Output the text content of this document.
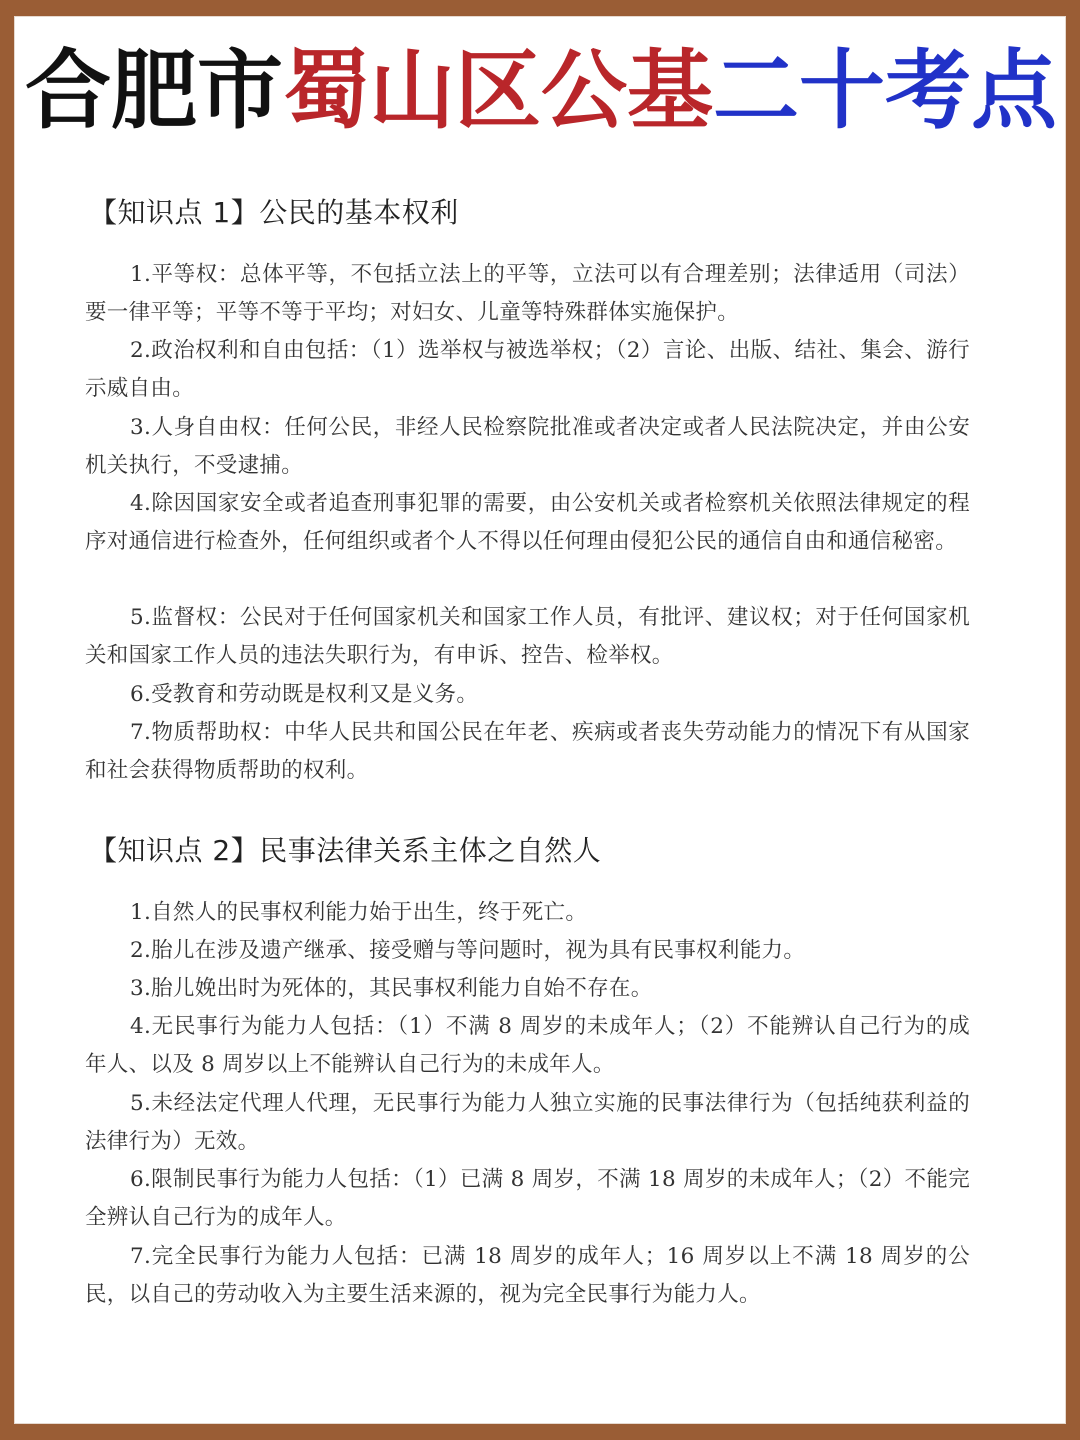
合肥市 蜀山区公基 二十考点
【知识点 1】公民的基本权利
1.平等权：总体平等，不包括立法上的平等，立法可以有合理差别；法律适用（司法）要一律平等；平等不等于平均；对妇女、儿童等特殊群体实施保护。
2.政治权利和自由包括：（1）选举权与被选举权；（2）言论、出版、结社、集会、游行示威自由。
3.人身自由权：任何公民，非经人民检察院批准或者决定或者人民法院决定，并由公安机关执行，不受逮捕。
4.除因国家安全或者追查刑事犯罪的需要，由公安机关或者检察机关依照法律规定的程序对通信进行检查外，任何组织或者个人不得以任何理由侵犯公民的通信自由和通信秘密。
5.监督权：公民对于任何国家机关和国家工作人员，有批评、建议权；对于任何国家机关和国家工作人员的违法失职行为，有申诉、控告、检举权。
6.受教育和劳动既是权利又是义务。
7.物质帮助权：中华人民共和国公民在年老、疾病或者丧失劳动能力的情况下有从国家和社会获得物质帮助的权利。
【知识点 2】民事法律关系主体之自然人
1.自然人的民事权利能力始于出生，终于死亡。
2.胎儿在涉及遗产继承、接受赠与等问题时，视为具有民事权利能力。
3.胎儿娩出时为死体的，其民事权利能力自始不存在。
4.无民事行为能力人包括：（1）不满 8 周岁的未成年人；（2）不能辨认自己行为的成年人、以及 8 周岁以上不能辨认自己行为的未成年人。
5.未经法定代理人代理，无民事行为能力人独立实施的民事法律行为（包括纯获利益的法律行为）无效。
6.限制民事行为能力人包括：（1）已满 8 周岁，不满 18 周岁的未成年人；（2）不能完全辨认自己行为的成年人。
7.完全民事行为能力人包括：已满 18 周岁的成年人；16 周岁以上不满 18 周岁的公民，以自己的劳动收入为主要生活来源的，视为完全民事行为能力人。
